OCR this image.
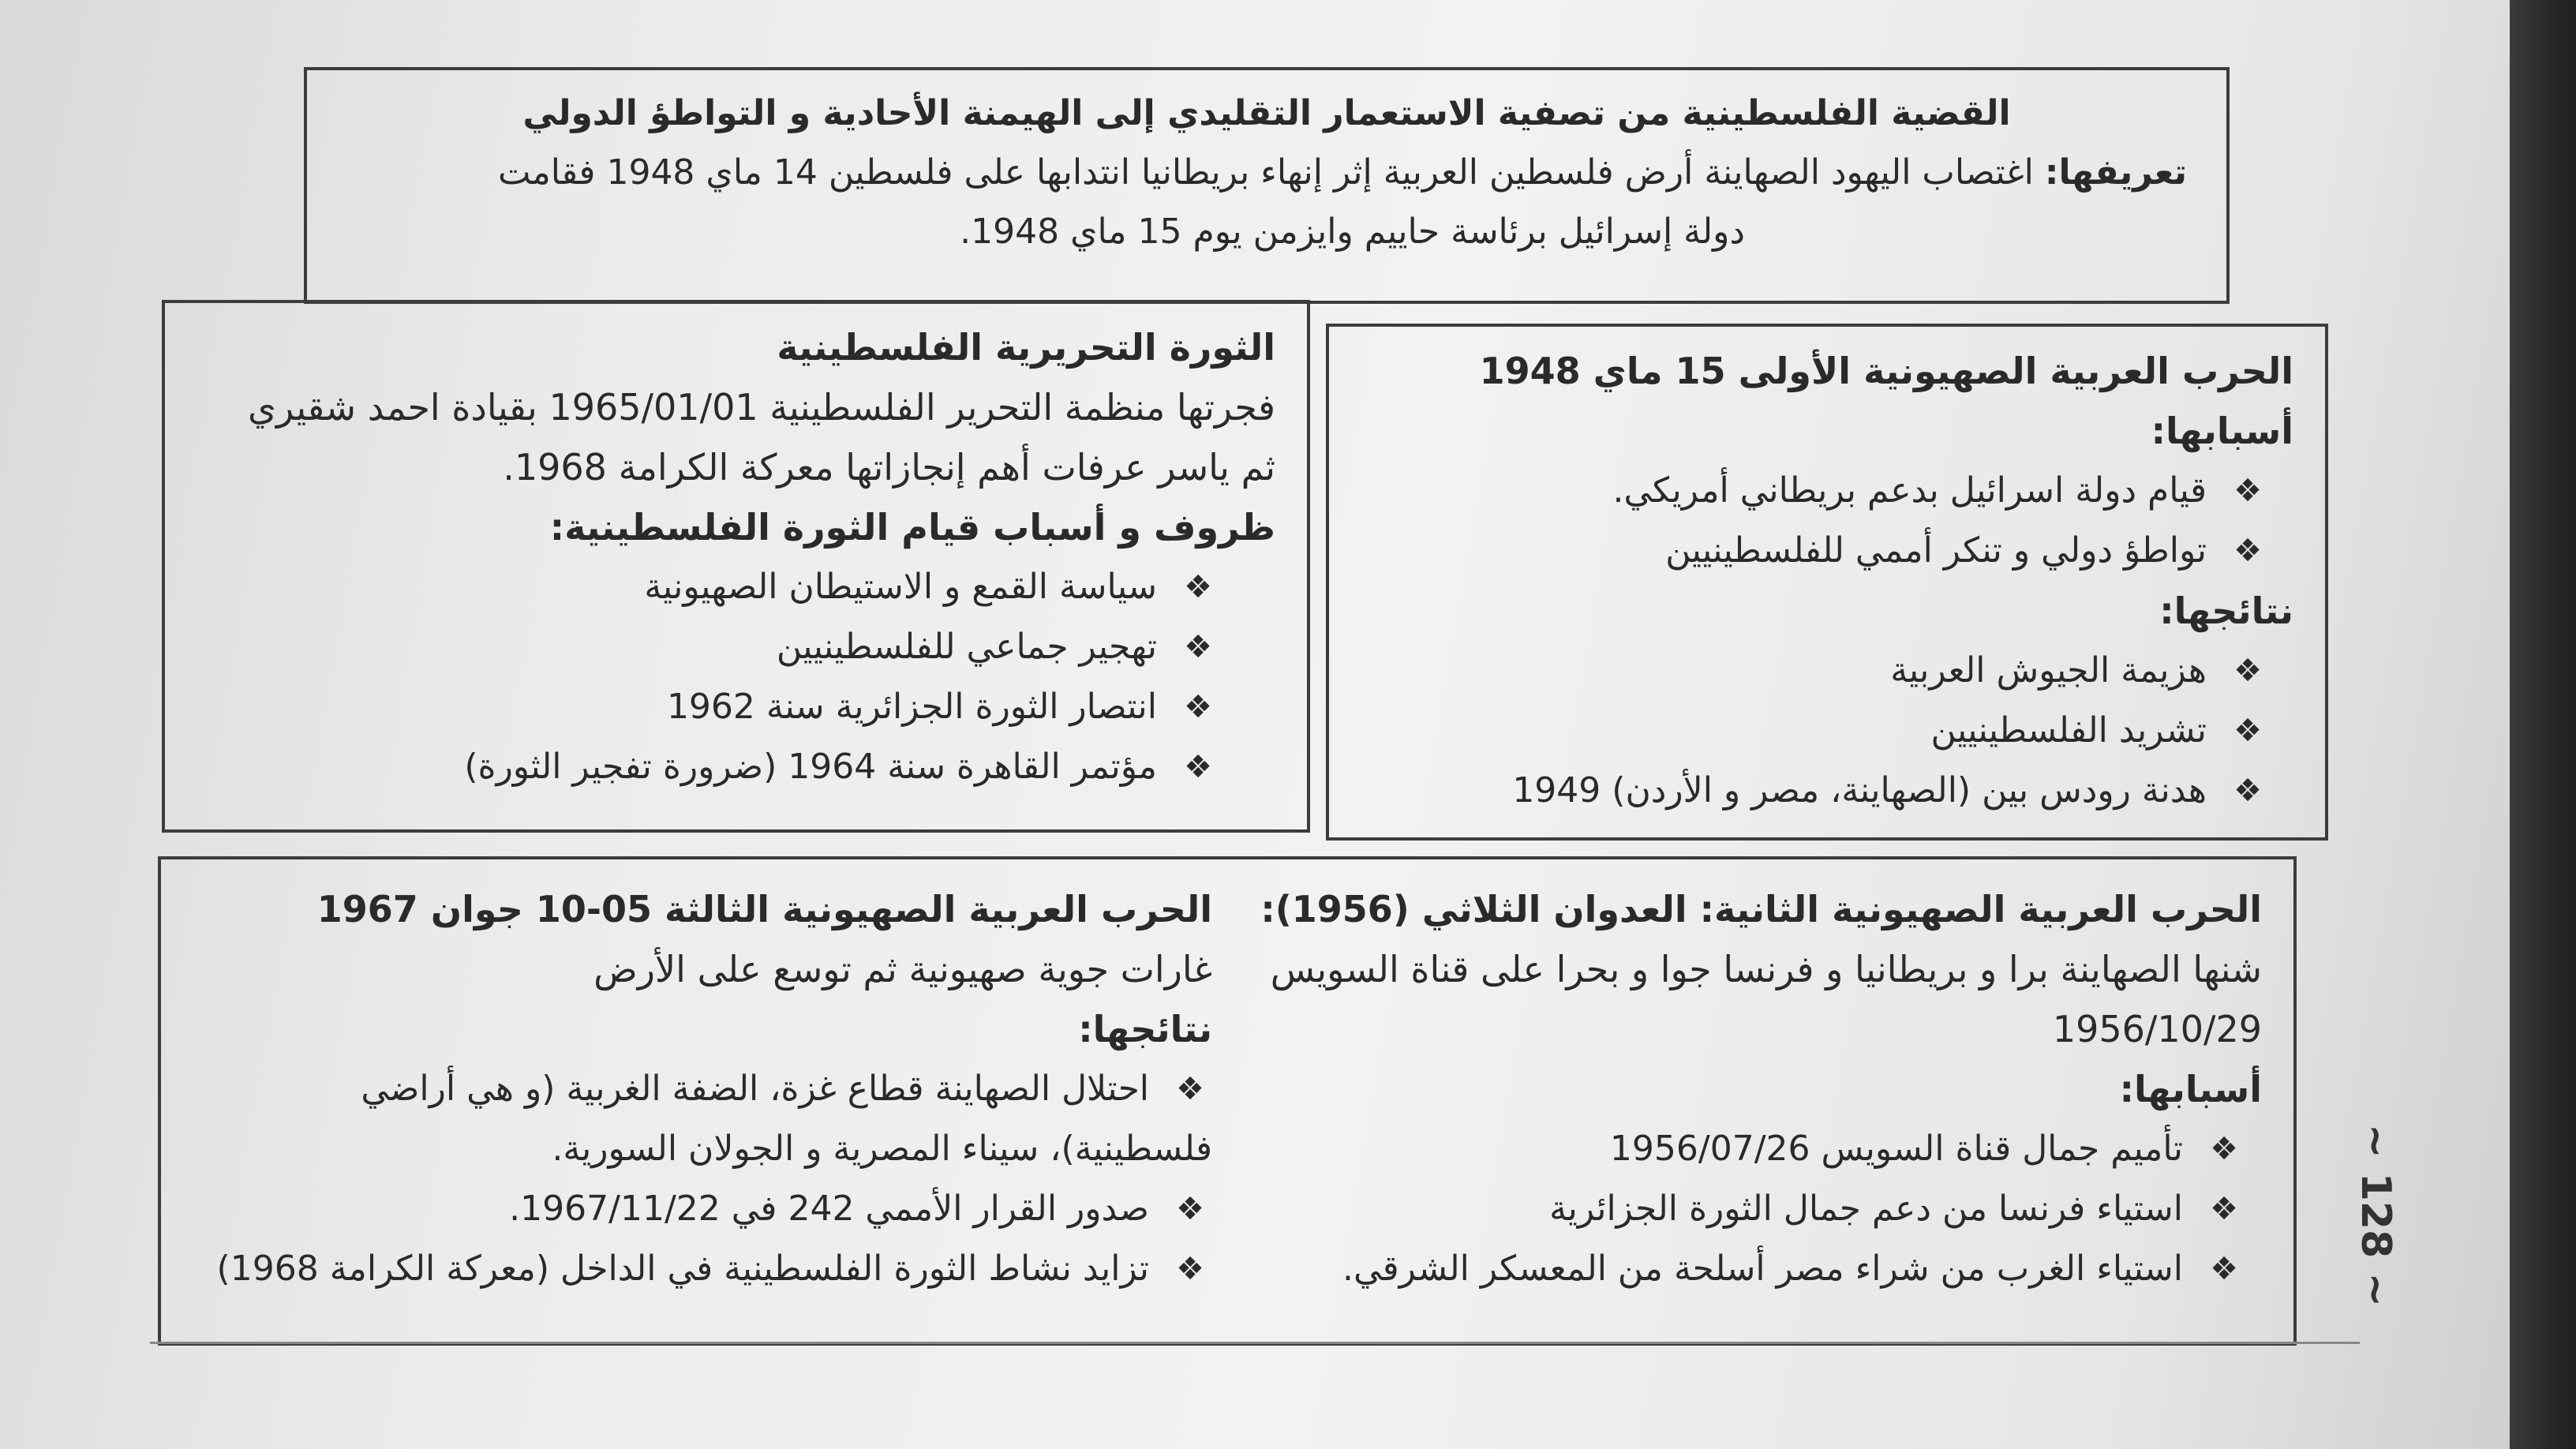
القضية الفلسطينية من تصفية الاستعمار التقليدي إلى الهيمنة الأحادية و التواطؤ الدولي
تعريفها: اغتصاب اليهود الصهاينة أرض فلسطين العربية إثر إنهاء بريطانيا انتدابها على فلسطين 14 ماي 1948 فقامت
دولة إسرائيل برئاسة حاييم وايزمن يوم 15 ماي 1948.
الحرب العربية الصهيونية الأولى 15 ماي 1948
أسبابها:
❖ قيام دولة اسرائيل بدعم بريطاني أمريكي.
❖ تواطؤ دولي و تنكر أممي للفلسطينيين
نتائجها:
❖ هزيمة الجيوش العربية
❖ تشريد الفلسطينيين
❖ هدنة رودس بين (الصهاينة، مصر و الأردن) 1949
الثورة التحريرية الفلسطينية
فجرتها منظمة التحرير الفلسطينية 1965/01/01 بقيادة احمد شقيري
ثم ياسر عرفات أهم إنجازاتها معركة الكرامة 1968.
ظروف و أسباب قيام الثورة الفلسطينية:
❖ سياسة القمع و الاستيطان الصهيونية
❖ تهجير جماعي للفلسطينيين
❖ انتصار الثورة الجزائرية سنة 1962
❖ مؤتمر القاهرة سنة 1964 (ضرورة تفجير الثورة)
الحرب العربية الصهيونية الثانية: العدوان الثلاثي (1956):
شنها الصهاينة برا و بريطانيا و فرنسا جوا و بحرا على قناة السويس
1956/10/29
أسبابها:
❖ تأميم جمال قناة السويس 1956/07/26
❖ استياء فرنسا من دعم جمال الثورة الجزائرية
❖ استياء الغرب من شراء مصر أسلحة من المعسكر الشرقي.
الحرب العربية الصهيونية الثالثة 05-10 جوان 1967
غارات جوية صهيونية ثم توسع على الأرض
نتائجها:
❖ احتلال الصهاينة قطاع غزة، الضفة الغربية (و هي أراضي
فلسطينية)، سيناء المصرية و الجولان السورية.
❖ صدور القرار الأممي 242 في 1967/11/22.
❖ تزايد نشاط الثورة الفلسطينية في الداخل (معركة الكرامة 1968)	~ 128 ~
